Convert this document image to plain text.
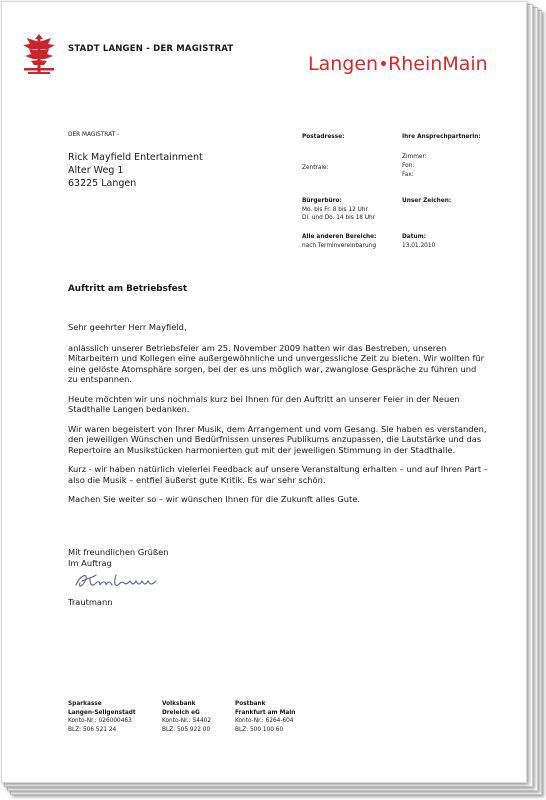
STADT LANGEN - DER MAGISTRAT
Langen RheinMain
DER MAGISTRAT -
Rick Mayfield Entertainment
Alter Weg 1
63225 Langen
Postadresse:
Zentrale:
Bürgerbüro:
Mo. bis Fr. 8 bis 12 Uhr
Di. und Do. 14 bis 18 Uhr
Alle anderen Bereiche:
nach Terminvereinbarung
Ihre Ansprechpartnerin:
Zimmer:
Fon:
Fax:
Unser Zeichen:
Datum:
13.01.2010
Auftritt am Betriebsfest

Sehr geehrter Herr Mayfield,

anlässlich unserer Betriebsfeier am 25. November 2009 hatten wir das Bestreben, unseren Mitarbeitern und Kollegen eine außergewöhnliche und unvergessliche Zeit zu bieten. Wir wollten für eine gelöste Atomsphäre sorgen, bei der es uns möglich war, zwanglose Gespräche zu führen und zu entspannen.

Heute möchten wir uns nochmals kurz bei Ihnen für den Auftritt an unserer Feier in der Neuen Stadthalle Langen bedanken.

Wir waren begeistert von Ihrer Musik, dem Arrangement und vom Gesang. Sie haben es verstanden, den jeweiligen Wünschen und Bedürfnissen unseres Publikums anzupassen, die Lautstärke und das Repertoire an Musikstücken harmonierten gut mit der jeweiligen Stimmung in der Stadthalle.

Kurz - wir haben natürlich vielerlei Feedback auf unsere Veranstaltung erhalten – und auf Ihren Part – also die Musik – entfiel äußerst gute Kritik. Es war sehr schön.

Machen Sie weiter so – wir wünschen Ihnen für die Zukunft alles Gute.

Mit freundlichen Grüßen
Im Auftrag
Trautmann
Sparkasse
Langen-Seligenstadt
Konto-Nr.: 026000463
BLZ: 506 521 24
Volksbank
Dreieich eG
Konto-Nr.: 54402
BLZ: 505 922 00
Postbank
Frankfurt am Main
Konto-Nr.: 6264-604
BLZ: 500 100 60
